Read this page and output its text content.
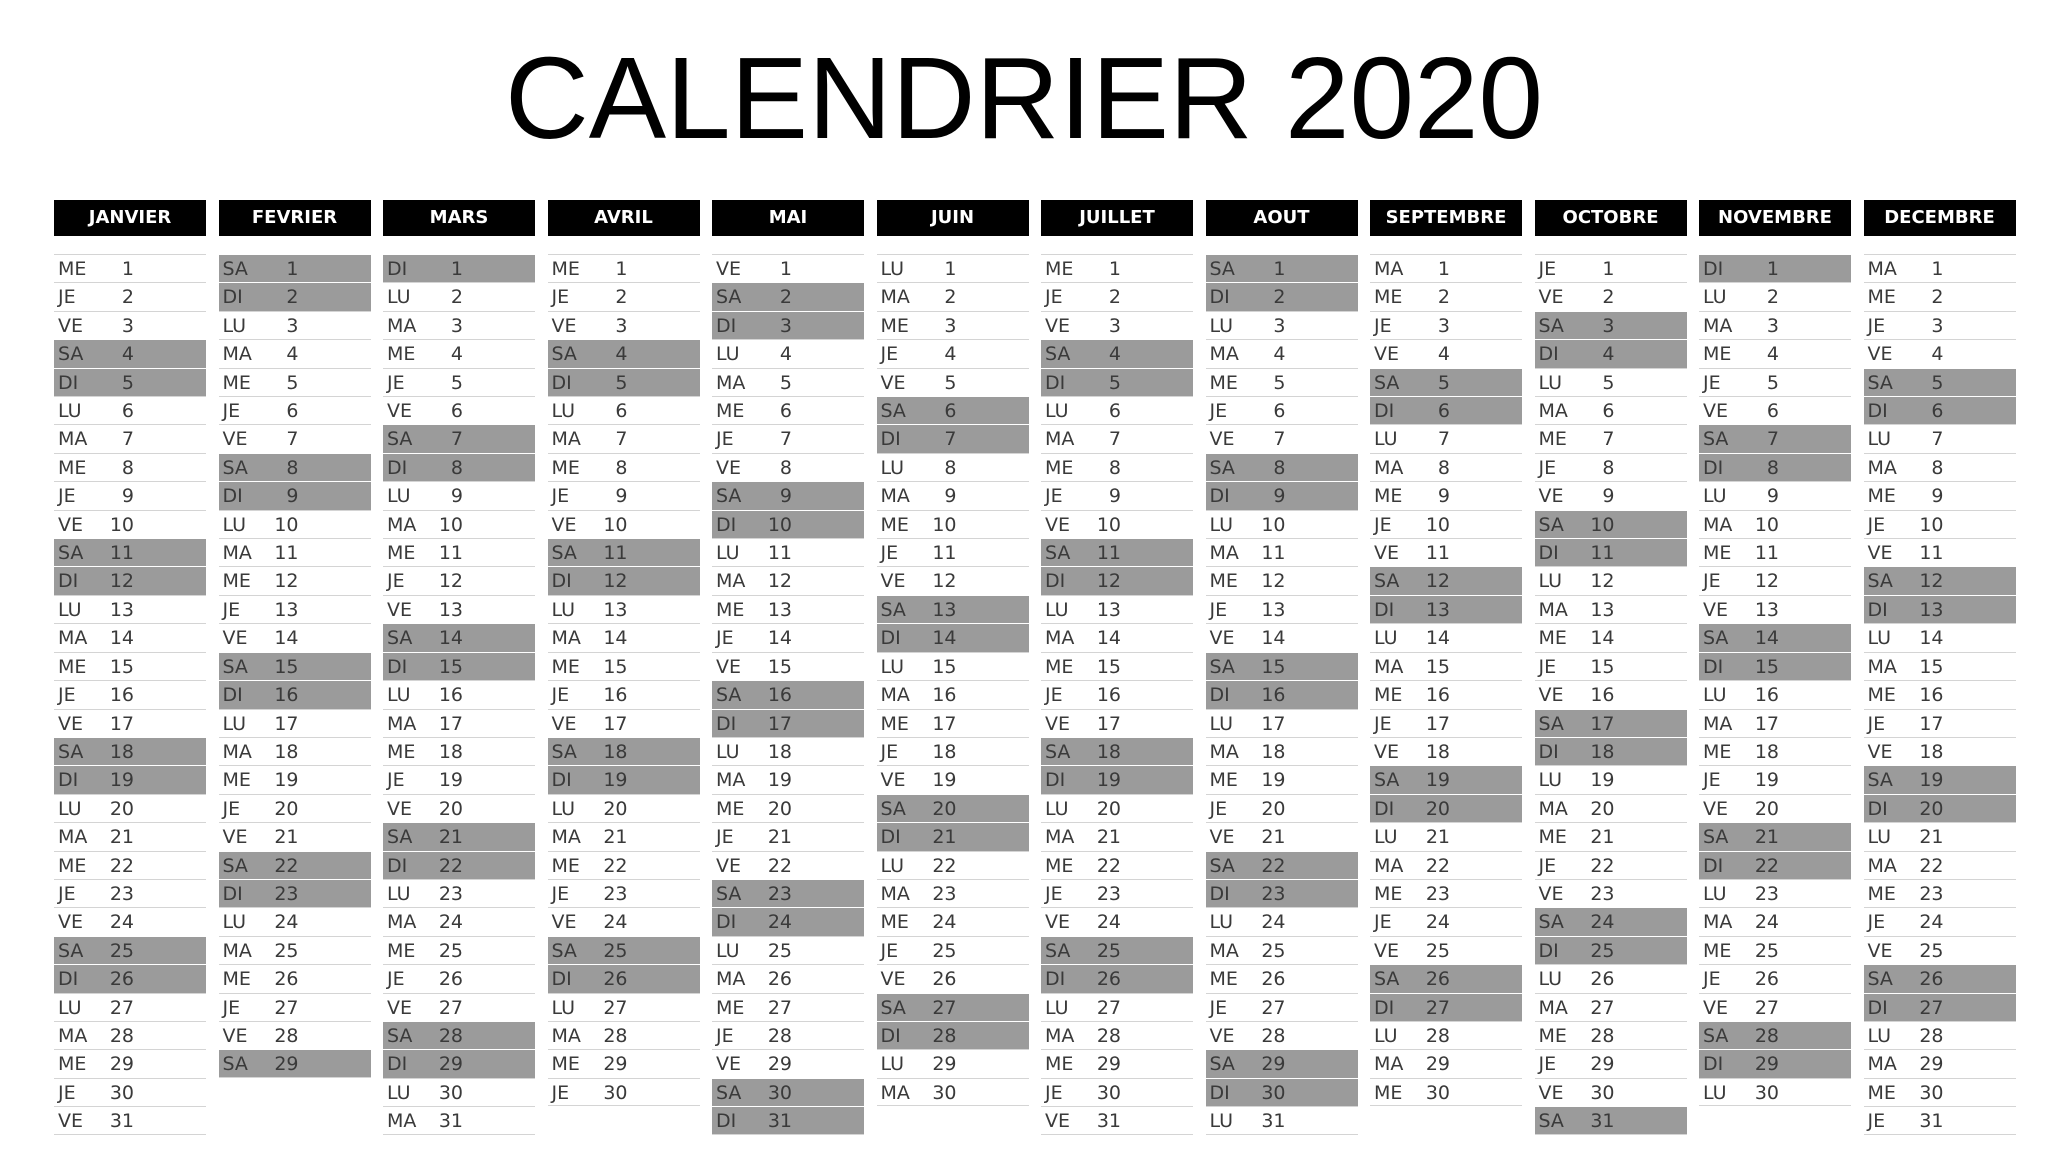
CALENDRIER 2020
JANVIER
ME	1
JE	2
VE	3
SA	4
DI	5
LU	6
MA	7
ME	8
JE	9
VE	10
SA	11
DI	12
LU	13
MA	14
ME	15
JE	16
VE	17
SA	18
DI	19
LU	20
MA	21
ME	22
JE	23
VE	24
SA	25
DI	26
LU	27
MA	28
ME	29
JE	30
VE	31
FEVRIER
SA	1
DI	2
LU	3
MA	4
ME	5
JE	6
VE	7
SA	8
DI	9
LU	10
MA	11
ME	12
JE	13
VE	14
SA	15
DI	16
LU	17
MA	18
ME	19
JE	20
VE	21
SA	22
DI	23
LU	24
MA	25
ME	26
JE	27
VE	28
SA	29
MARS
DI	1
LU	2
MA	3
ME	4
JE	5
VE	6
SA	7
DI	8
LU	9
MA	10
ME	11
JE	12
VE	13
SA	14
DI	15
LU	16
MA	17
ME	18
JE	19
VE	20
SA	21
DI	22
LU	23
MA	24
ME	25
JE	26
VE	27
SA	28
DI	29
LU	30
MA	31
AVRIL
ME	1
JE	2
VE	3
SA	4
DI	5
LU	6
MA	7
ME	8
JE	9
VE	10
SA	11
DI	12
LU	13
MA	14
ME	15
JE	16
VE	17
SA	18
DI	19
LU	20
MA	21
ME	22
JE	23
VE	24
SA	25
DI	26
LU	27
MA	28
ME	29
JE	30
MAI
VE	1
SA	2
DI	3
LU	4
MA	5
ME	6
JE	7
VE	8
SA	9
DI	10
LU	11
MA	12
ME	13
JE	14
VE	15
SA	16
DI	17
LU	18
MA	19
ME	20
JE	21
VE	22
SA	23
DI	24
LU	25
MA	26
ME	27
JE	28
VE	29
SA	30
DI	31
JUIN
LU	1
MA	2
ME	3
JE	4
VE	5
SA	6
DI	7
LU	8
MA	9
ME	10
JE	11
VE	12
SA	13
DI	14
LU	15
MA	16
ME	17
JE	18
VE	19
SA	20
DI	21
LU	22
MA	23
ME	24
JE	25
VE	26
SA	27
DI	28
LU	29
MA	30
JUILLET
ME	1
JE	2
VE	3
SA	4
DI	5
LU	6
MA	7
ME	8
JE	9
VE	10
SA	11
DI	12
LU	13
MA	14
ME	15
JE	16
VE	17
SA	18
DI	19
LU	20
MA	21
ME	22
JE	23
VE	24
SA	25
DI	26
LU	27
MA	28
ME	29
JE	30
VE	31
AOUT
SA	1
DI	2
LU	3
MA	4
ME	5
JE	6
VE	7
SA	8
DI	9
LU	10
MA	11
ME	12
JE	13
VE	14
SA	15
DI	16
LU	17
MA	18
ME	19
JE	20
VE	21
SA	22
DI	23
LU	24
MA	25
ME	26
JE	27
VE	28
SA	29
DI	30
LU	31
SEPTEMBRE
MA	1
ME	2
JE	3
VE	4
SA	5
DI	6
LU	7
MA	8
ME	9
JE	10
VE	11
SA	12
DI	13
LU	14
MA	15
ME	16
JE	17
VE	18
SA	19
DI	20
LU	21
MA	22
ME	23
JE	24
VE	25
SA	26
DI	27
LU	28
MA	29
ME	30
OCTOBRE
JE	1
VE	2
SA	3
DI	4
LU	5
MA	6
ME	7
JE	8
VE	9
SA	10
DI	11
LU	12
MA	13
ME	14
JE	15
VE	16
SA	17
DI	18
LU	19
MA	20
ME	21
JE	22
VE	23
SA	24
DI	25
LU	26
MA	27
ME	28
JE	29
VE	30
SA	31
NOVEMBRE
DI	1
LU	2
MA	3
ME	4
JE	5
VE	6
SA	7
DI	8
LU	9
MA	10
ME	11
JE	12
VE	13
SA	14
DI	15
LU	16
MA	17
ME	18
JE	19
VE	20
SA	21
DI	22
LU	23
MA	24
ME	25
JE	26
VE	27
SA	28
DI	29
LU	30
DECEMBRE
MA	1
ME	2
JE	3
VE	4
SA	5
DI	6
LU	7
MA	8
ME	9
JE	10
VE	11
SA	12
DI	13
LU	14
MA	15
ME	16
JE	17
VE	18
SA	19
DI	20
LU	21
MA	22
ME	23
JE	24
VE	25
SA	26
DI	27
LU	28
MA	29
ME	30
JE	31
